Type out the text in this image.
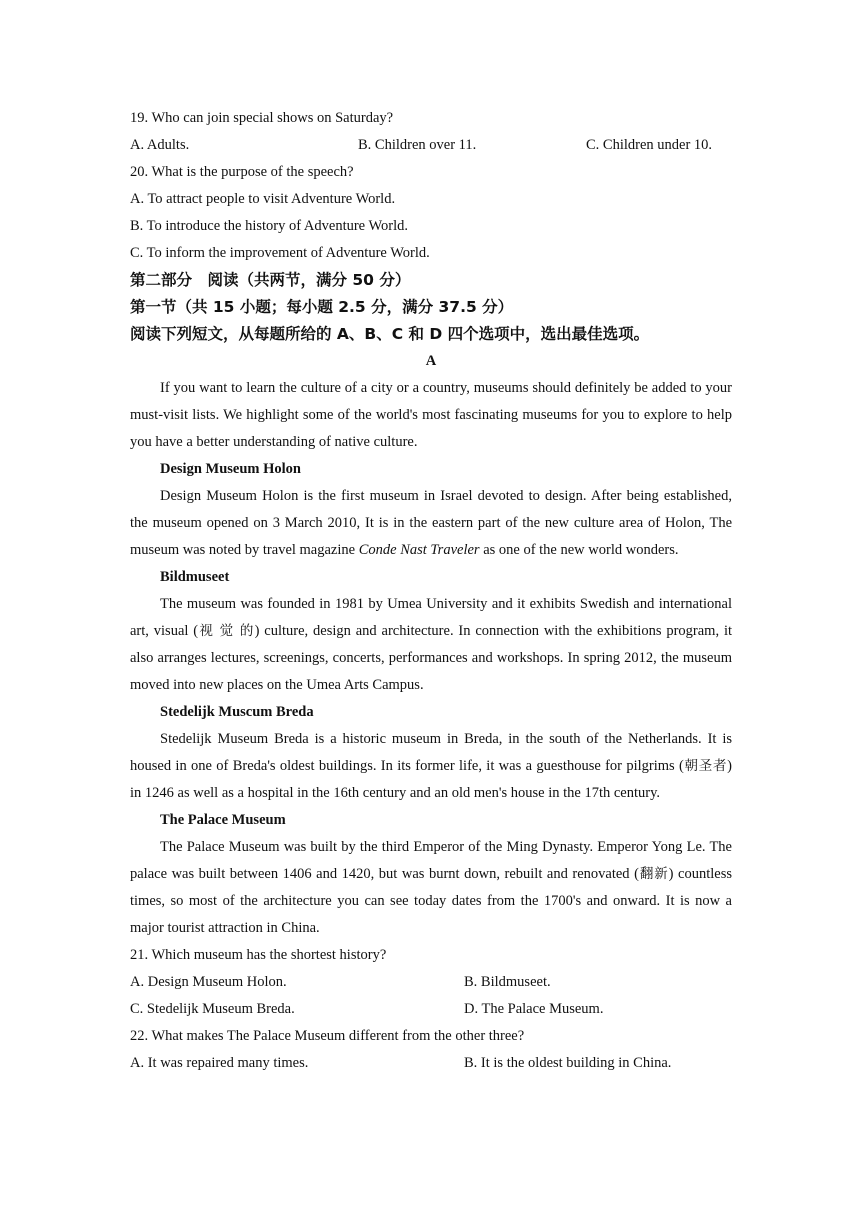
19. Who can join special shows on Saturday?
A. Adults.	B. Children over 11.	C. Children under 10.
20. What is the purpose of the speech?
A. To attract people to visit Adventure World.
B. To introduce the history of Adventure World.
C. To inform the improvement of Adventure World.
第二部分　阅读（共两节，满分 50 分）
第一节（共 15 小题；每小题 2.5 分，满分 37.5 分）
阅读下列短文，从每题所给的 A、B、C 和 D 四个选项中，选出最佳选项。
A

If you want to learn the culture of a city or a country, museums should definitely be added to your must-visit lists. We highlight some of the world's most fascinating museums for you to explore to help you have a better understanding of native culture.

Design Museum Holon

Design Museum Holon is the first museum in Israel devoted to design. After being established, the museum opened on 3 March 2010, It is in the eastern part of the new culture area of Holon, The museum was noted by travel magazine Conde Nast Traveler as one of the new world wonders.

Bildmuseet

The museum was founded in 1981 by Umea University and it exhibits Swedish and international art, visual (视 觉 的) culture, design and architecture. In connection with the exhibitions program, it also arranges lectures, screenings, concerts, performances and workshops. In spring 2012, the museum moved into new places on the Umea Arts Campus.

Stedelijk Muscum Breda

Stedelijk Museum Breda is a historic museum in Breda, in the south of the Netherlands. It is housed in one of Breda's oldest buildings. In its former life, it was a guesthouse for pilgrims (朝圣者) in 1246 as well as a hospital in the 16th century and an old men's house in the 17th century.

The Palace Museum

The Palace Museum was built by the third Emperor of the Ming Dynasty. Emperor Yong Le. The palace was built between 1406 and 1420, but was burnt down, rebuilt and renovated (翻新) countless times, so most of the architecture you can see today dates from the 1700's and onward. It is now a major tourist attraction in China.

21. Which museum has the shortest history?
A. Design Museum Holon.	B. Bildmuseet.
C. Stedelijk Museum Breda.	D. The Palace Museum.
22. What makes The Palace Museum different from the other three?
A. It was repaired many times.	B. It is the oldest building in China.
